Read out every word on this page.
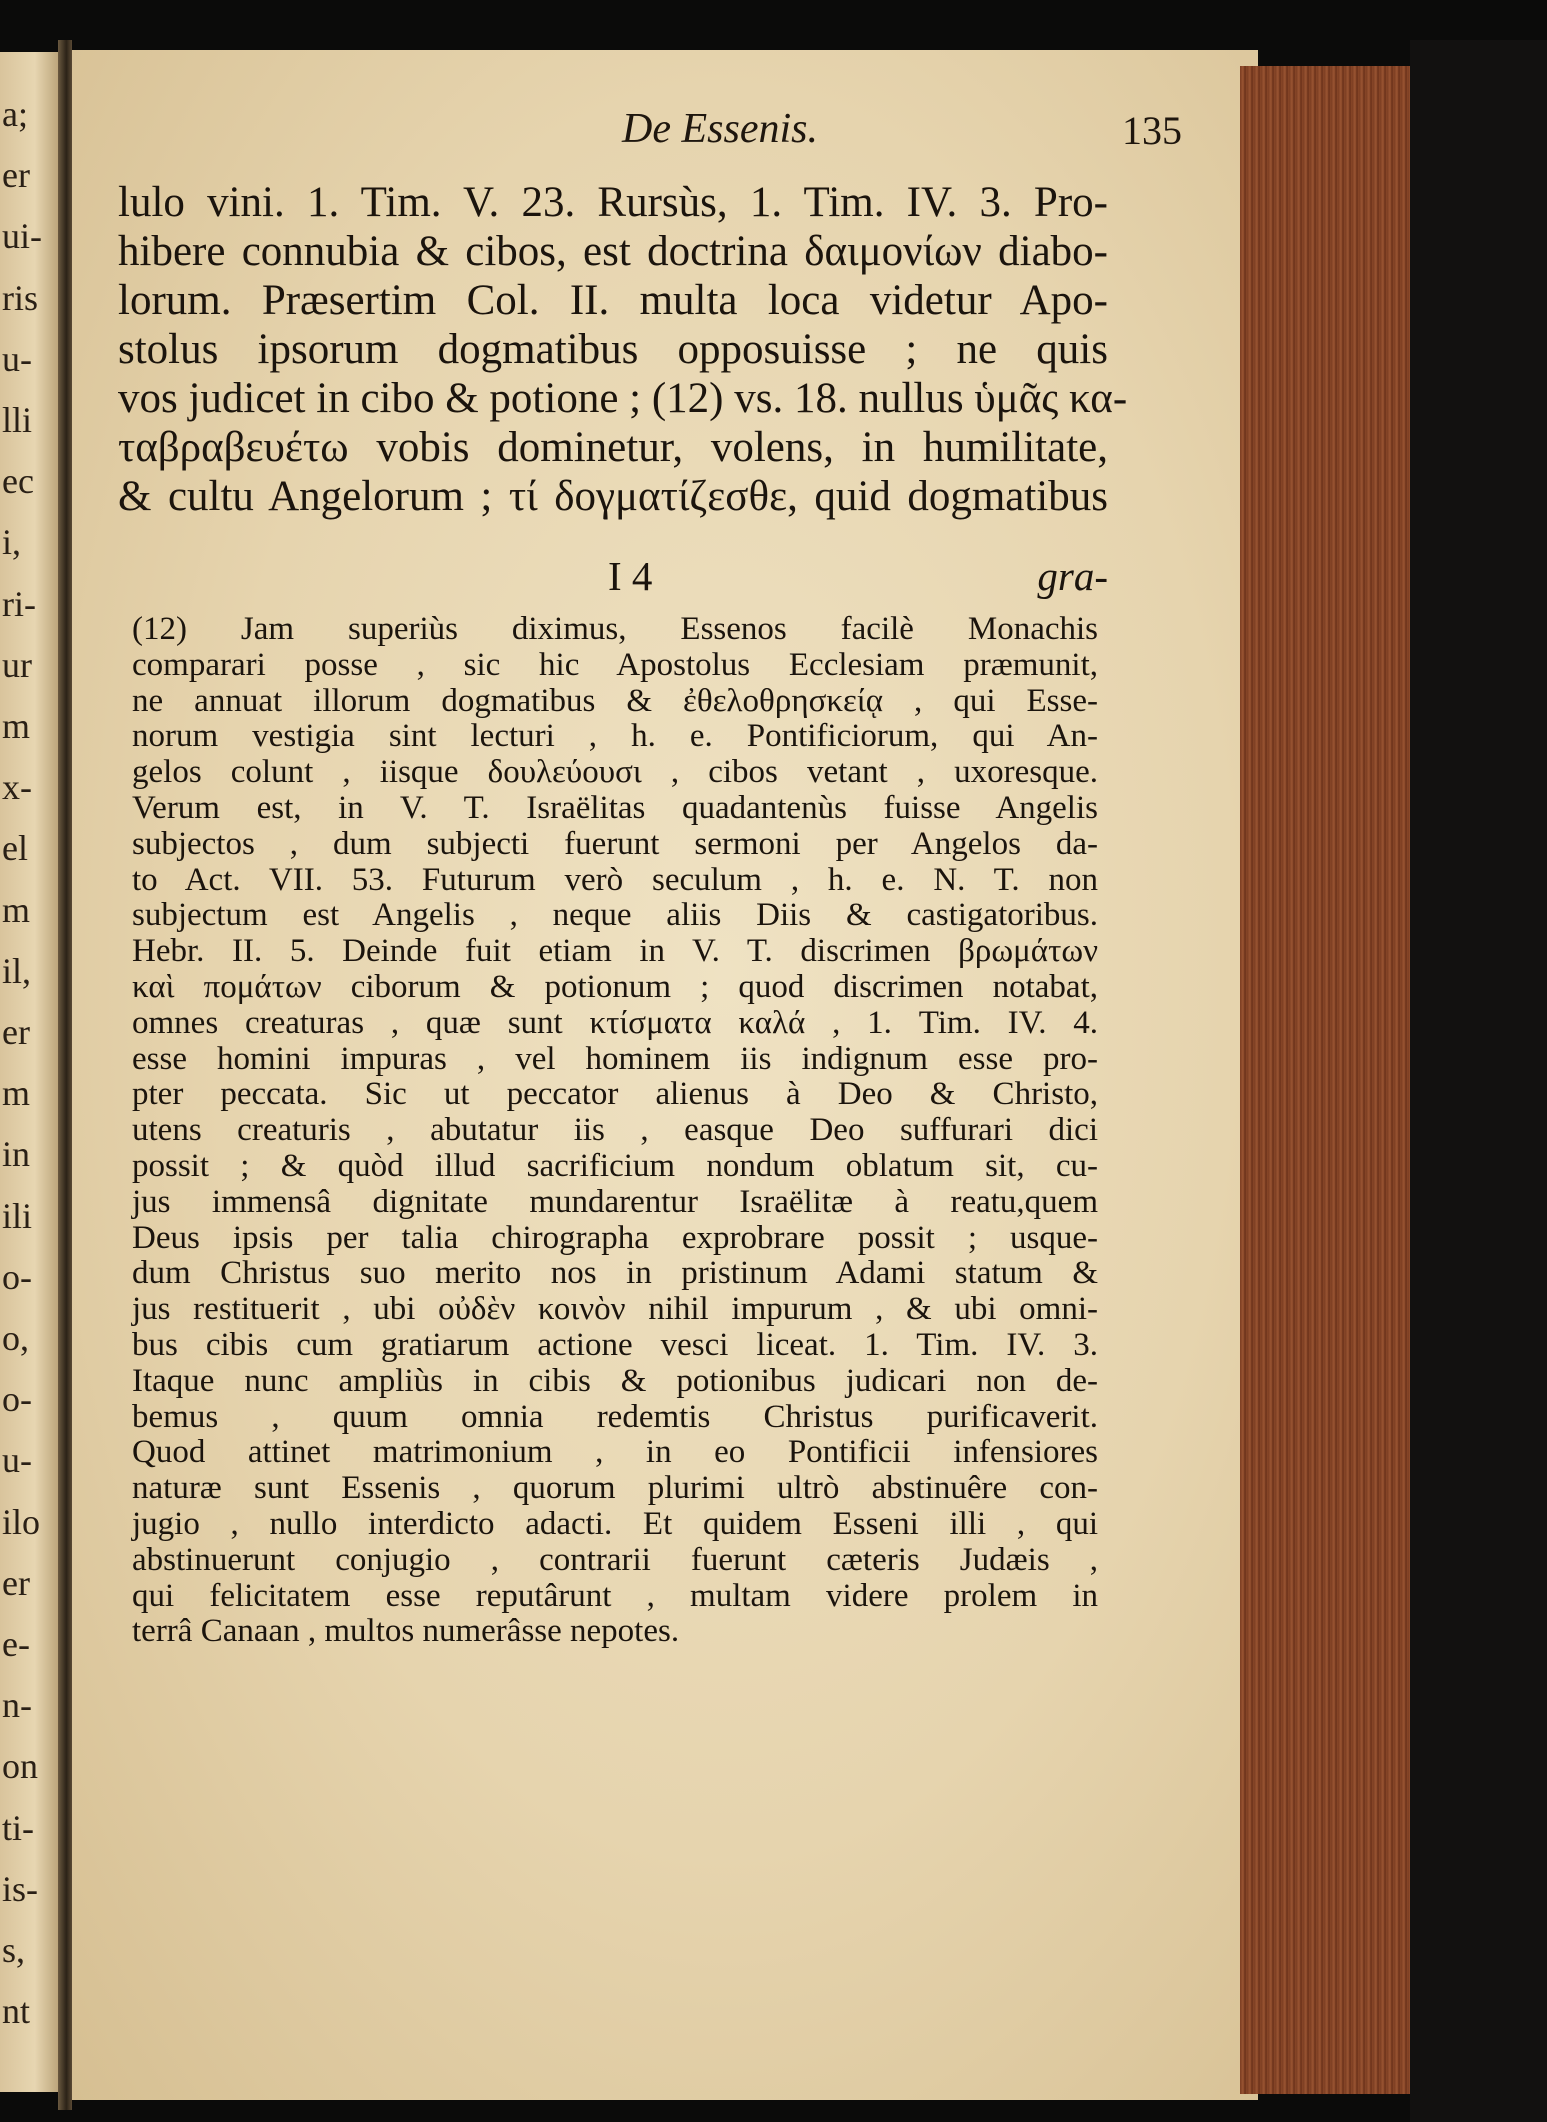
a;
er
ui-
ris
u-
lli
ec
i,
ri-
ur
m
x-
el
m
il,
er
m
in
ili
o-
o,
o-
u-
ilo
er
e-
n-
on
ti-
is-
s,
nt
De Essenis.	135
lulo vini. 1. Tim. V. 23. Rursùs, 1. Tim. IV. 3. Pro-
hibere connubia & cibos, est doctrina δαιμονίων diabo-
lorum. Præsertim Col. II. multa loca videtur Apo-
stolus ipsorum dogmatibus opposuisse ; ne quis
vos judicet in cibo & potione ; (12) vs. 18. nullus ὑμᾶς κα-
ταβραβευέτω vobis dominetur, volens, in humilitate,
& cultu Angelorum ; τί δογματίζεσθε, quid dogmatibus
I 4	gra-
(12) Jam superiùs diximus, Essenos facilè Monachis
comparari posse , sic hic Apostolus Ecclesiam præmunit,
ne annuat illorum dogmatibus & ἐθελοθρησκείᾳ , qui Esse-
norum vestigia sint lecturi , h. e. Pontificiorum, qui An-
gelos colunt , iisque δουλεύουσι , cibos vetant , uxoresque.
Verum est, in V. T. Israëlitas quadantenùs fuisse Angelis
subjectos , dum subjecti fuerunt sermoni per Angelos da-
to Act. VII. 53. Futurum verò seculum , h. e. N. T. non
subjectum est Angelis , neque aliis Diis & castigatoribus.
Hebr. II. 5. Deinde fuit etiam in V. T. discrimen βρωμάτων
καὶ πομάτων ciborum & potionum ; quod discrimen notabat,
omnes creaturas , quæ sunt κτίσματα καλά , 1. Tim. IV. 4.
esse homini impuras , vel hominem iis indignum esse pro-
pter peccata. Sic ut peccator alienus à Deo & Christo,
utens creaturis , abutatur iis , easque Deo suffurari dici
possit ; & quòd illud sacrificium nondum oblatum sit, cu-
jus immensâ dignitate mundarentur Israëlitæ à reatu,quem
Deus ipsis per talia chirographa exprobrare possit ; usque-
dum Christus suo merito nos in pristinum Adami statum &
jus restituerit , ubi οὐδὲν κοινὸν nihil impurum , & ubi omni-
bus cibis cum gratiarum actione vesci liceat. 1. Tim. IV. 3.
Itaque nunc ampliùs in cibis & potionibus judicari non de-
bemus , quum omnia redemtis Christus purificaverit.
Quod attinet matrimonium , in eo Pontificii infensiores
naturæ sunt Essenis , quorum plurimi ultrò abstinuêre con-
jugio , nullo interdicto adacti. Et quidem Esseni illi , qui
abstinuerunt conjugio , contrarii fuerunt cæteris Judæis ,
qui felicitatem esse reputârunt , multam videre prolem in
terrâ Canaan , multos numerâsse nepotes.
